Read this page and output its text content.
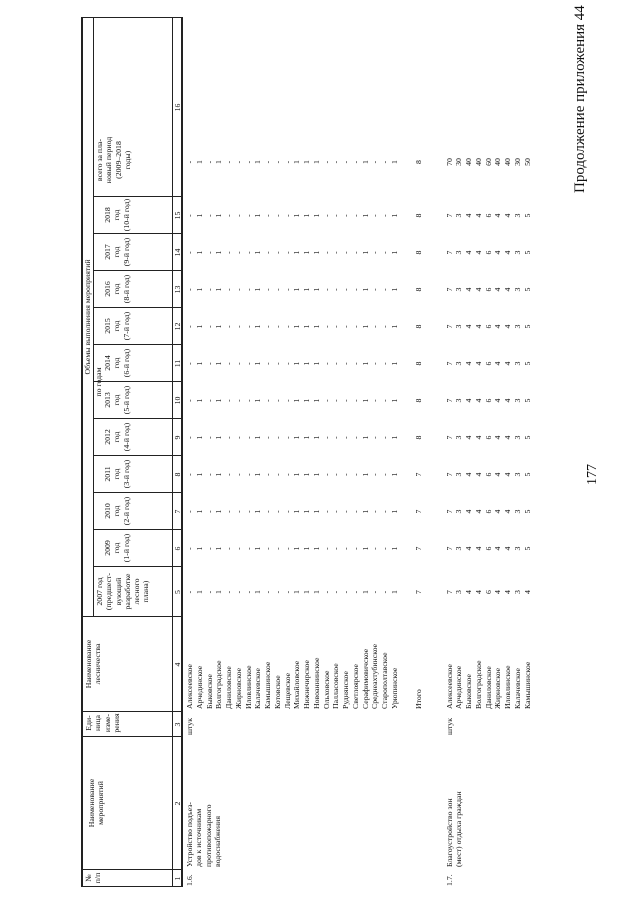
177
Продолжение приложения 44
№ п/п
Наименование мероприятий
Еди- ница изме- рения
Наименование лесничества
Объемы выполнения мероприятий
по годам
2007 год (предшест- вующий разработке лесного плана)
2009 год (1-й год)
2010 год (2-й год)
2011 год (3-й год)
2012 год (4-й год)
2013 год (5-й год)
2014 год (6-й год)
2015 год (7-й год)
2016 год (8-й год)
2017 год (9-й год)
2018 год (10-й год)
всего за пла- новый период (2009–2018 годы)
1
2
3
4
5
6
7
8
9
10
11
12
13
14
15
16
1.6.
Устройство подъез- дов к источникам противопожарного водоснабжения
штук
Алексеевское
-
-
-
-
-
-
-
-
-
-
-
-
Арчединское
1
1
1
1
1
1
1
1
1
1
1
1
Быковское
-
-
-
-
-
-
-
-
-
-
-
-
Волгоградское
1
1
1
1
1
1
1
1
1
1
1
1
Даниловское
-
-
-
-
-
-
-
-
-
-
-
-
Жирновское
-
-
-
-
-
-
-
-
-
-
-
-
Иловлинское
-
-
-
-
-
-
-
-
-
-
-
-
Калачевское
1
1
1
1
1
1
1
1
1
1
1
1
Камышинское
-
-
-
-
-
-
-
-
-
-
-
-
Котовское
-
-
-
-
-
-
-
-
-
-
-
-
Лещевское
-
-
-
-
-
-
-
-
-
-
-
-
Михайловское
1
1
1
1
1
1
1
1
1
1
1
1
Нижнечирское
1
1
1
1
1
1
1
1
1
1
1
1
Новоаннинское
1
1
1
1
1
1
1
1
1
1
1
1
Ольховское
-
-
-
-
-
-
-
-
-
-
-
-
Палласовское
-
-
-
-
-
-
-
-
-
-
-
-
Руднянское
-
-
-
-
-
-
-
-
-
-
-
-
Светлоярское
-
-
-
-
-
-
-
-
-
-
-
-
Серафимовичское
1
1
1
1
1
1
1
1
1
1
1
1
Среднеахтубинское
-
-
-
-
-
-
-
-
-
-
-
-
Старополтавское
-
-
-
-
-
-
-
-
-
-
-
-
Урюпинское
1
1
1
1
1
1
1
1
1
1
1
1
Итого
7
7
7
7
8
8
8
8
8
8
8
8
1.7.
Благоустройство зон (мест) отдыха граждан
штук
Алексеевское
7
7
7
7
7
7
7
7
7
7
7
70
Арчединское
3
3
3
3
3
3
3
3
3
3
3
30
Быковское
4
4
4
4
4
4
4
4
4
4
4
40
Волгоградское
4
4
4
4
4
4
4
4
4
4
4
40
Даниловское
6
6
6
6
6
6
6
6
6
6
6
60
Жирновское
4
4
4
4
4
4
4
4
4
4
4
40
Иловлинское
4
4
4
4
4
4
4
4
4
4
4
40
Калачевское
3
3
3
3
3
3
3
3
3
3
3
30
Камышинское
4
5
5
5
5
5
5
5
5
5
5
50
